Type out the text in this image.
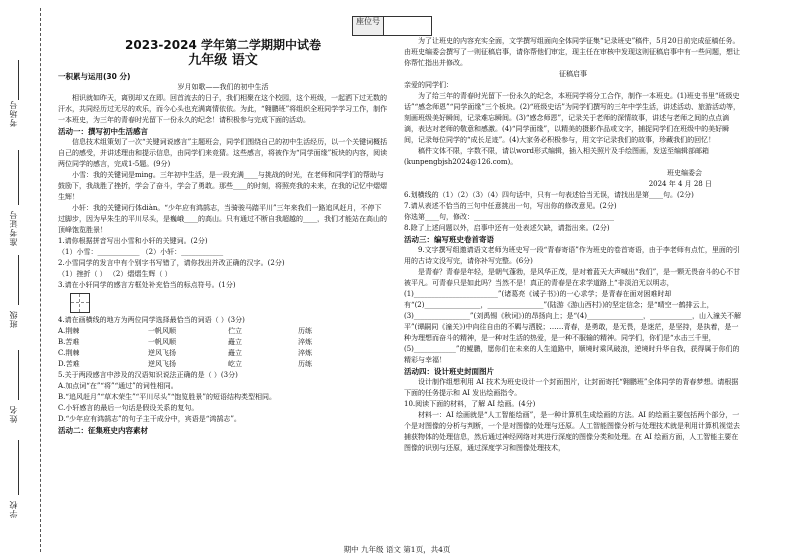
考场号
准考证号
班级
姓名
学校
座位号
2023-2024 学年第二学期期中试卷
九年级 语文

一积累与运用(30 分)

岁月如歌——我们的初中生活

相识就如昨天，离别却又在即。回首流去的日子，我们相聚在这个校园，这个班级，一起洒下过无数的汗水，共同经历过无尽的欢乐，而今心头也充满离情依依。为此，“翱鹏班”将组织全班同学学习工作，制作一本班史，为三年的青春时光留下一份永久的纪念！请积极参与完成下面的活动。

活动一：撰写初中生活感言

信息技术组策划了一次“关键词说感言”主题班会，同学们围绕自己的初中生活经历，以一个关键词概括自己的感受，并讲述理由和提示信息，由同学们来竞猜。这些感言，将被作为“同学面缘”板块的内容，阅读两位同学的感言，完成1-5题。(9分)

小雪：我的关键词是ming。三年初中生活，是一段充满____与挑战的时光，在老师和同学们的帮助与鼓励下，我战胜了挫折，学会了奋斗，学会了勇敢。那些____的时刻，将照亮我的未来，在我的记忆中熠熠生辉！

小轩：我的关键词行体diàn。“少年应有鸿鹄志，当骑骏马踏平川”三年来我们一路追风赶月，不停下过脚步，因为早朱生的平川尽头，是巍峨____的高山。只有通过不断自我超越的____，我们才能站在高山的顶峰饱览胜景！

1.请你根据拼音写出小雪和小轩的关键词。(2分)

（1）小雪：____________ （2）小轩：____________

2.小雪同学的发言中有个别字书写错了，请你找出并改正确的汉字。(2分)

（1）挫折（ ） （2）熠熠生辉（ ）

3.请在小轩同学的感言方框处补充恰当的标点符号。(1分)

4.请在画横线的地方为两位同学选择最恰当的词语（ ）(3分)

A.荆棘	一帆风顺	伫立	历练
B.苦难	一帆风顺	矗立	淬炼
C.荆棘	逆风飞扬	矗立	淬炼
D.苦难	逆风飞扬	屹立	历练

5.关于两段感言中涉及的汉语知识说法正确的是（ ）(3分)

A.加点词“在”“将”“通过”的词性相同。

B.“追风赶月”“草木荣生”“平川尽头”“饱览胜景”的短语结构类型相同。

C.小轩感言的最后一句话是假设关系的复句。

D.“少年应有鸿鹄志”的句子主干成分中，宾语是“鸿鹄志”。

活动二：征集班史内容素材

为了让班史的内容充实全面，文学撰写组面向全体同学征集“记录班史”稿件，5月20日前完成征稿任务。由班史编委会撰写了一则征稿启事，请你帮他们审定，现主任在审核中发现这则征稿启事中有一些问题，想让你帮忙指出并修改。

征稿启事

亲爱的同学们：

为了给三年的青春时光留下一份永久的纪念，本班同学将分工合作，制作一本班史。(1)班史书里“班级史话”“感念师恩”“同学面缘”三个板块。(2)“班级史话”为同学们撰写的三年中学生活，讲述活动、旅游活动等，刻画班级美好瞬间，记录难忘瞬间。(3)“感念师恩”，记录关于老师的深情故事，讲述与老师之间的点点滴滴，表达对老师的敬意和感激。(4)“同学面缘”，以精美的摄影作品或文字，捕捉同学们在班级中的美好瞬间，记录每位同学的“成长足迹”。(4)大家务必积极参与，用文字记录我们的故事，珍藏我们的回忆！

稿件文体不限，字数不限，请以word形式编辑，插入相关照片及手绘图画，发送至编辑部邮箱(kunpengbjsh2024@126.com)。

班史编委会

2024 年 4 月 28 日

6.划横线的（1）（2）（3）（4）四句话中，只有一句表述恰当无误，请找出是第____句。(2分)

7.请从表述不恰当的三句中任意挑出一句，写出你的修改意见。(2分)

你选第____句，修改：________________________________________

8.除了上述问题以外，启事中还有一处表述欠缺，请指出来。(2分)

活动三：编写班史卷首寄语

9.文字撰写组邀请语文老师为班史写一段“青春寄语”作为班史的卷首寄语，由于李老师有点忙，里面的引用的古诗文没写完，请你补写完整。(6分)

是青春？青春是年轻，是朝气蓬勃，是风华正茂，是对着蓝天大声喊出“我们”，是一颗无畏奋斗的心不甘被平凡。可青春只是如此吗？当然不是！真正的青春是在求学道路上“非淡泊无以明志，(1)________________________”(诸葛亮《诫子书》)的一心求学；是青春在面对困难时却有“(2)________________，________________”(陆游《游山西村》)的坚定信念；是“晴空一鹤排云上，(3)________________”(刘禹锡《秋词》)的昂扬向上；是“(4)________________，____________，山入潼关不解平”(谭嗣同《潼关》)中向往自由的不羁与洒脱；……青春，是勇敢，是无畏，是迷茫，是坚持，是执着，是一种为理想而奋斗的精神，是一种对生活的热爱，是一种不服输的精神。同学们，你们是“水击三千里，(5)____________”的鲲鹏，愿你们在未来的人生道路中，顺境时乘风破浪，逆境时升华自我，获得属于你们的精彩与幸福！

活动四：设计班史封面图片

设计制作组想利用 AI 技术为班史设计一个封面图片，让封面寄托“翱鹏班”全体同学的青春梦想。请根据下面的任务提示和 AI 发出绘画指令。

10.阅读下面的材料，了解 AI 绘画。(4分)

材料一：AI 绘画就是“人工智能绘画”，是一种计算机生成绘画的方法。AI 的绘画主要包括两个部分，一个是对图像的分析与判断，一个是对图像的处理与还原。人工智能图像分析与处理技术就是利用计算机视觉去捕获物体的处理信息，然后通过神经网络对其进行深度的图像分类和处理。在 AI 绘画方面，人工智能主要在图像的识别与还原，通过深度学习和图像处理技术，

期中 九年级 语文 第1页，共4页
